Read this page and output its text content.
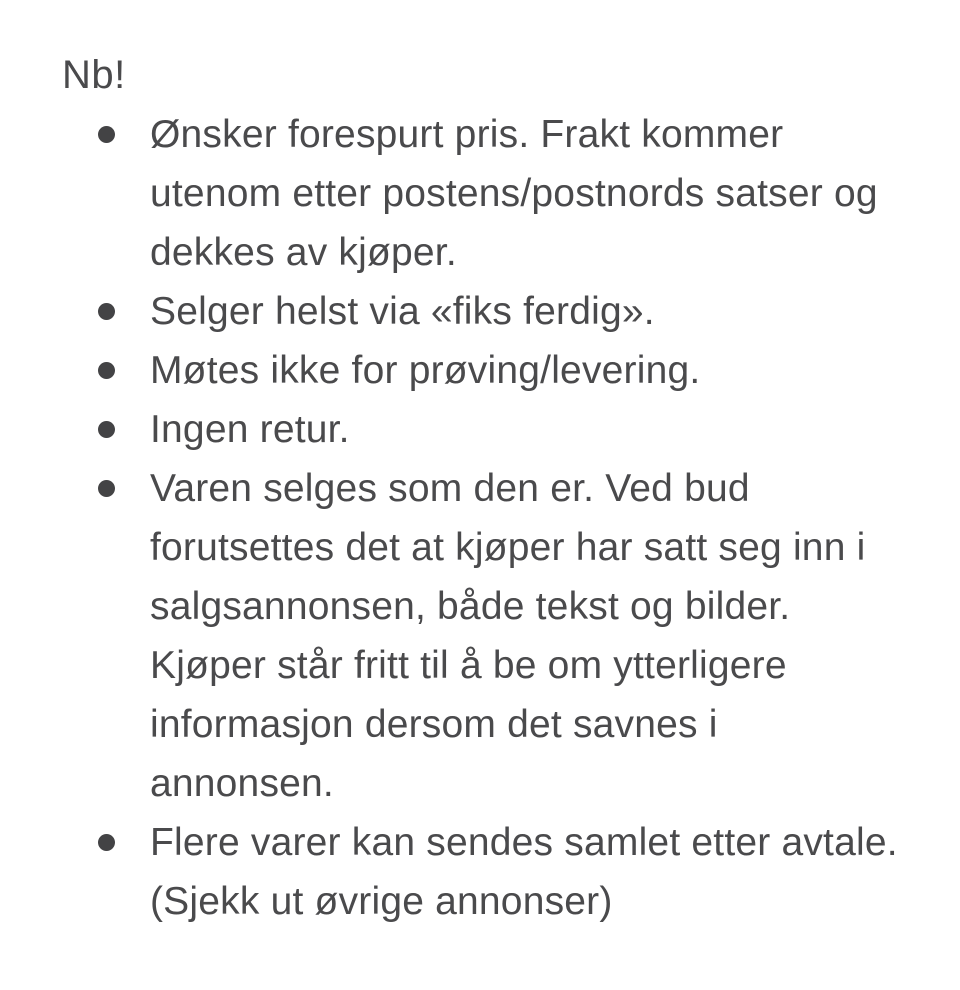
Nb!

Ønsker forespurt pris. Frakt kommer utenom etter postens/postnords satser og dekkes av kjøper.
Selger helst via «fiks ferdig».
Møtes ikke for prøving/levering.
Ingen retur.
Varen selges som den er. Ved bud forutsettes det at kjøper har satt seg inn i salgsannonsen, både tekst og bilder. Kjøper står fritt til å be om ytterligere informasjon dersom det savnes i annonsen.
Flere varer kan sendes samlet etter avtale. (Sjekk ut øvrige annonser)
